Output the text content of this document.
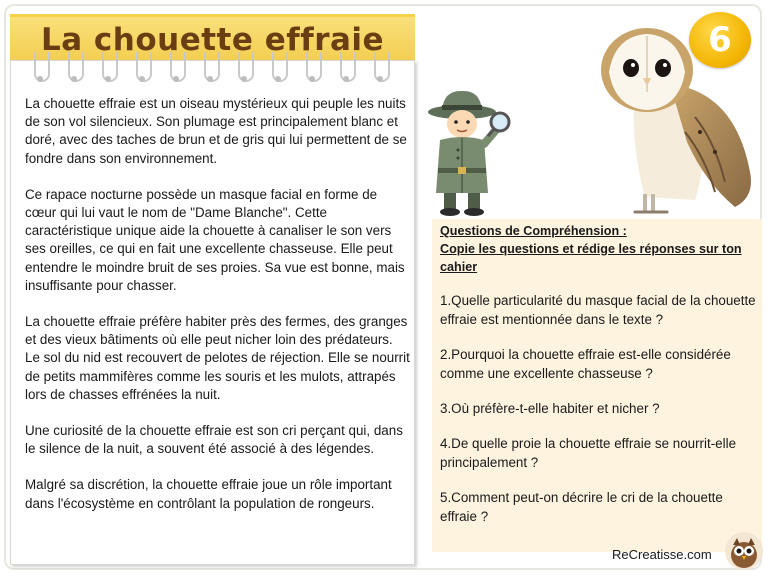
La chouette effraie	6

La chouette effraie est un oiseau mystérieux qui peuple les nuits de son vol silencieux. Son plumage est principalement blanc et doré, avec des taches de brun et de gris qui lui permettent de se fondre dans son environnement.

Ce rapace nocturne possède un masque facial en forme de cœur qui lui vaut le nom de "Dame Blanche". Cette caractéristique unique aide la chouette à canaliser le son vers ses oreilles, ce qui en fait une excellente chasseuse. Elle peut entendre le moindre bruit de ses proies. Sa vue est bonne, mais insuffisante pour chasser.

La chouette effraie préfère habiter près des fermes, des granges et des vieux bâtiments où elle peut nicher loin des prédateurs. Le sol du nid est recouvert de pelotes de réjection. Elle se nourrit de petits mammifères comme les souris et les mulots, attrapés lors de chasses effrénées la nuit.

Une curiosité de la chouette effraie est son cri perçant qui, dans le silence de la nuit, a souvent été associé à des légendes.

Malgré sa discrétion, la chouette effraie joue un rôle important dans l'écosystème en contrôlant la population de rongeurs.

Questions de Compréhension :
Copie les questions et rédige les réponses sur ton cahier
1.Quelle particularité du masque facial de la chouette effraie est mentionnée dans le texte ?
2.Pourquoi la chouette effraie est-elle considérée comme une excellente chasseuse ?
3.Où préfère-t-elle habiter et nicher ?
4.De quelle proie la chouette effraie se nourrit-elle principalement ?
5.Comment peut-on décrire le cri de la chouette effraie ?
ReCreatisse.com
